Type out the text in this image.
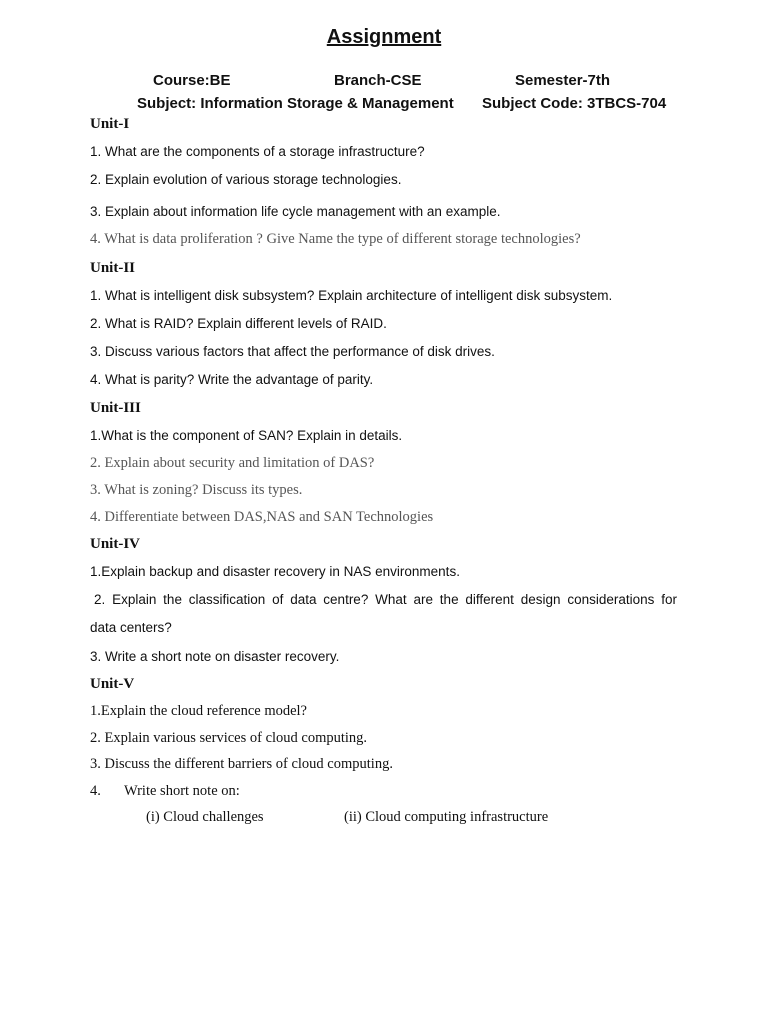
Assignment
Course:BE	Branch-CSE	Semester-7th
Subject: Information Storage & Management Subject Code: 3TBCS-704
Unit-I
1. What are the components of a storage infrastructure?
2. Explain evolution of various storage technologies.
3. Explain about information life cycle management with an example.
4. What is data proliferation ? Give Name the type of different storage technologies?
Unit-II
1. What is intelligent disk subsystem? Explain architecture of intelligent disk subsystem.
2. What is RAID? Explain different levels of RAID.
3. Discuss various factors that affect the performance of disk drives.
4. What is parity? Write the advantage of parity.
Unit-III
1.What is the component of SAN? Explain in details.
2. Explain about security and limitation of DAS?
3. What is zoning? Discuss its types.
4. Differentiate between DAS,NAS and SAN Technologies
Unit-IV
1.Explain backup and disaster recovery in NAS environments.
2. Explain the classification of data centre? What are the different design considerations for
data centers?
3. Write a short note on disaster recovery.
Unit-V
1.Explain the cloud reference model?
2. Explain various services of cloud computing.
3. Discuss the different barriers of cloud computing.
4. Write short note on:
(i) Cloud challenges	(ii) Cloud computing infrastructure
